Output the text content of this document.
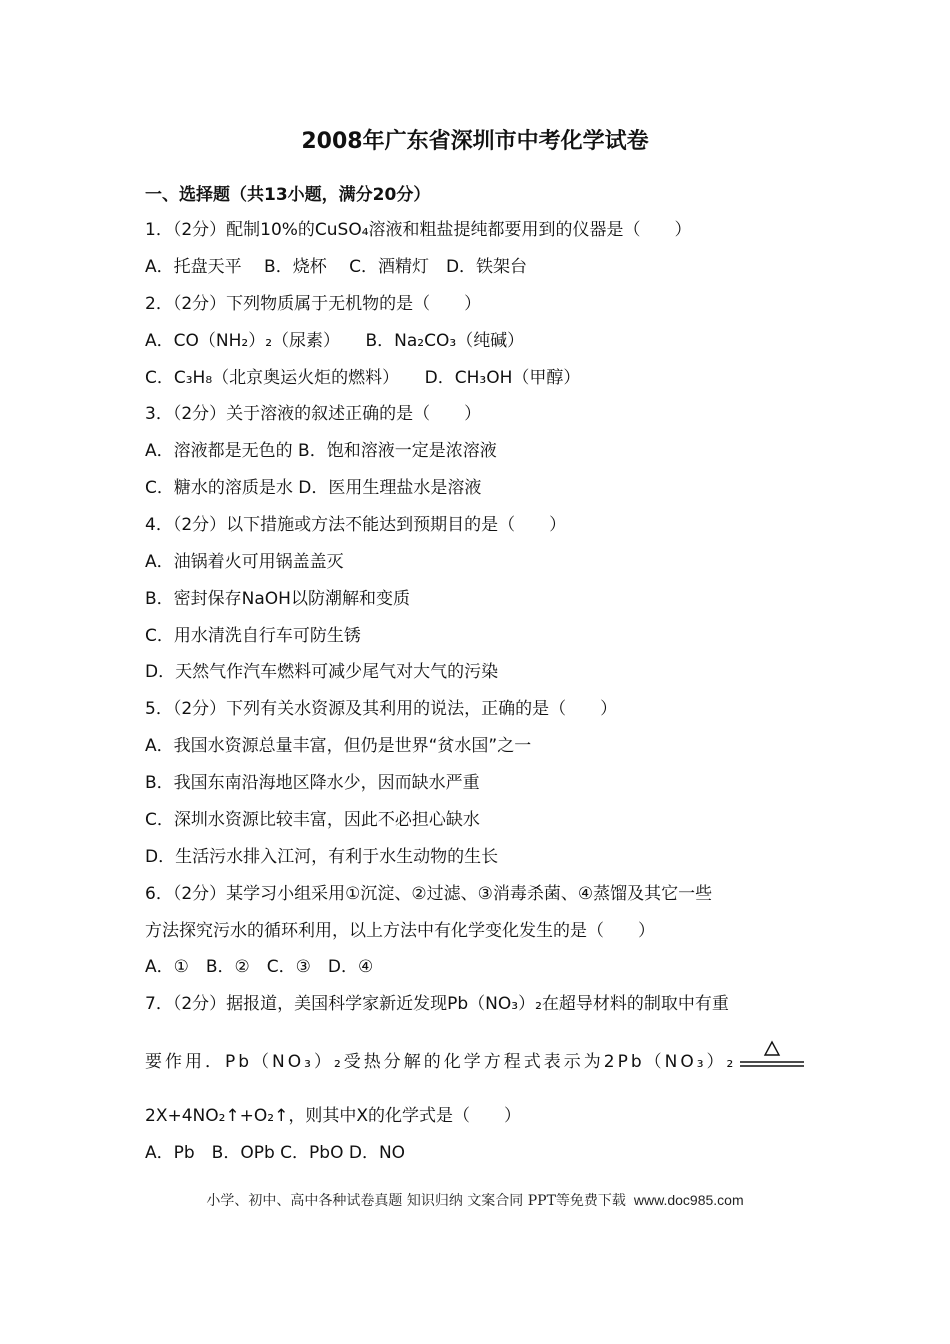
2008年广东省深圳市中考化学试卷
一、选择题（共13小题，满分20分）
1．（2分）配制10%的CuSO₄溶液和粗盐提纯都要用到的仪器是（　　）
A．托盘天平　 B．烧杯　 C．酒精灯　D．铁架台
2．（2分）下列物质属于无机物的是（　　）
A．CO（NH₂）₂（尿素）　　B．Na₂CO₃（纯碱）
C．C₃H₈（北京奥运火炬的燃料）　　D．CH₃OH（甲醇）
3．（2分）关于溶液的叙述正确的是（　　）
A．溶液都是无色的 B．饱和溶液一定是浓溶液
C．糖水的溶质是水 D．医用生理盐水是溶液
4．（2分）以下措施或方法不能达到预期目的是（　　）
A．油锅着火可用锅盖盖灭
B．密封保存NaOH以防潮解和变质
C．用水清洗自行车可防生锈
D．天然气作汽车燃料可减少尾气对大气的污染
5．（2分）下列有关水资源及其利用的说法，正确的是（　　）
A．我国水资源总量丰富，但仍是世界“贫水国”之一
B．我国东南沿海地区降水少，因而缺水严重
C．深圳水资源比较丰富，因此不必担心缺水
D．生活污水排入江河，有利于水生动物的生长
6．（2分）某学习小组采用①沉淀、②过滤、③消毒杀菌、④蒸馏及其它一些
方法探究污水的循环利用，以上方法中有化学变化发生的是（　　）
A．①　B．②　C．③　D．④
7．（2分）据报道，美国科学家新近发现Pb（NO₃）₂在超导材料的制取中有重
要作用．Pb（NO₃）₂受热分解的化学方程式表示为2Pb（NO₃）₂
2X+4NO₂↑+O₂↑，则其中X的化学式是（　　）
A．Pb　B．OPb C．PbO D．NO
小学、初中、高中各种试卷真题 知识归纳 文案合同 PPT等免费下载 www.doc985.com
